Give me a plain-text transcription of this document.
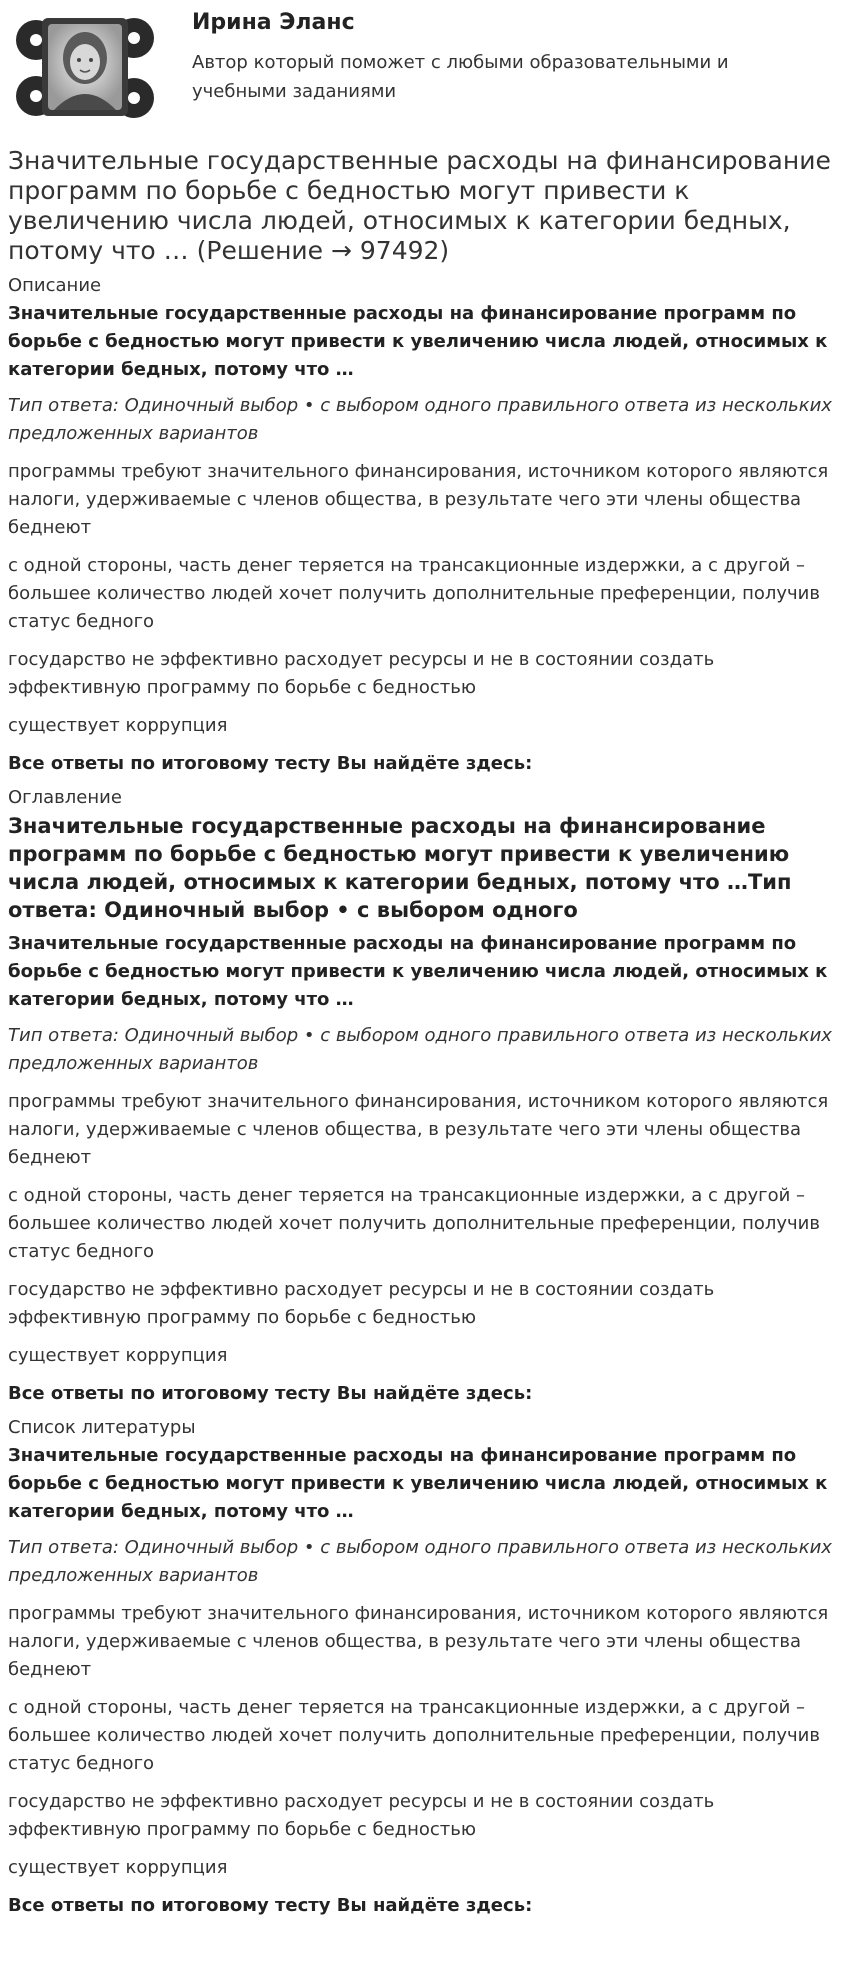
Ирина Эланс

Автор который поможет с любыми образовательными и учебными заданиями

Значительные государственные расходы на финансирование программ по борьбе с бедностью могут привести к увеличению числа людей, относимых к категории бедных, потому что … (Решение → 97492)
Описание

Значительные государственные расходы на финансирование программ по борьбе с бедностью могут привести к увеличению числа людей, относимых к категории бедных, потому что …

Тип ответа: Одиночный выбор • с выбором одного правильного ответа из нескольких предложенных вариантов

программы требуют значительного финансирования, источником которого являются налоги, удерживаемые с членов общества, в результате чего эти члены общества беднеют

с одной стороны, часть денег теряется на трансакционные издержки, а с другой – большее количество людей хочет получить дополнительные преференции, получив статус бедного

государство не эффективно расходует ресурсы и не в состоянии создать эффективную программу по борьбе с бедностью

существует коррупция

Все ответы по итоговому тесту Вы найдёте здесь:

Оглавление

Значительные государственные расходы на финансирование программ по борьбе с бедностью могут привести к увеличению числа людей, относимых к категории бедных, потому что …Тип ответа: Одиночный выбор • с выбором одного

Значительные государственные расходы на финансирование программ по борьбе с бедностью могут привести к увеличению числа людей, относимых к категории бедных, потому что …

Тип ответа: Одиночный выбор • с выбором одного правильного ответа из нескольких предложенных вариантов

программы требуют значительного финансирования, источником которого являются налоги, удерживаемые с членов общества, в результате чего эти члены общества беднеют

с одной стороны, часть денег теряется на трансакционные издержки, а с другой – большее количество людей хочет получить дополнительные преференции, получив статус бедного

государство не эффективно расходует ресурсы и не в состоянии создать эффективную программу по борьбе с бедностью

существует коррупция

Все ответы по итоговому тесту Вы найдёте здесь:

Список литературы

Значительные государственные расходы на финансирование программ по борьбе с бедностью могут привести к увеличению числа людей, относимых к категории бедных, потому что …

Тип ответа: Одиночный выбор • с выбором одного правильного ответа из нескольких предложенных вариантов

программы требуют значительного финансирования, источником которого являются налоги, удерживаемые с членов общества, в результате чего эти члены общества беднеют

с одной стороны, часть денег теряется на трансакционные издержки, а с другой – большее количество людей хочет получить дополнительные преференции, получив статус бедного

государство не эффективно расходует ресурсы и не в состоянии создать эффективную программу по борьбе с бедностью

существует коррупция

Все ответы по итоговому тесту Вы найдёте здесь:
